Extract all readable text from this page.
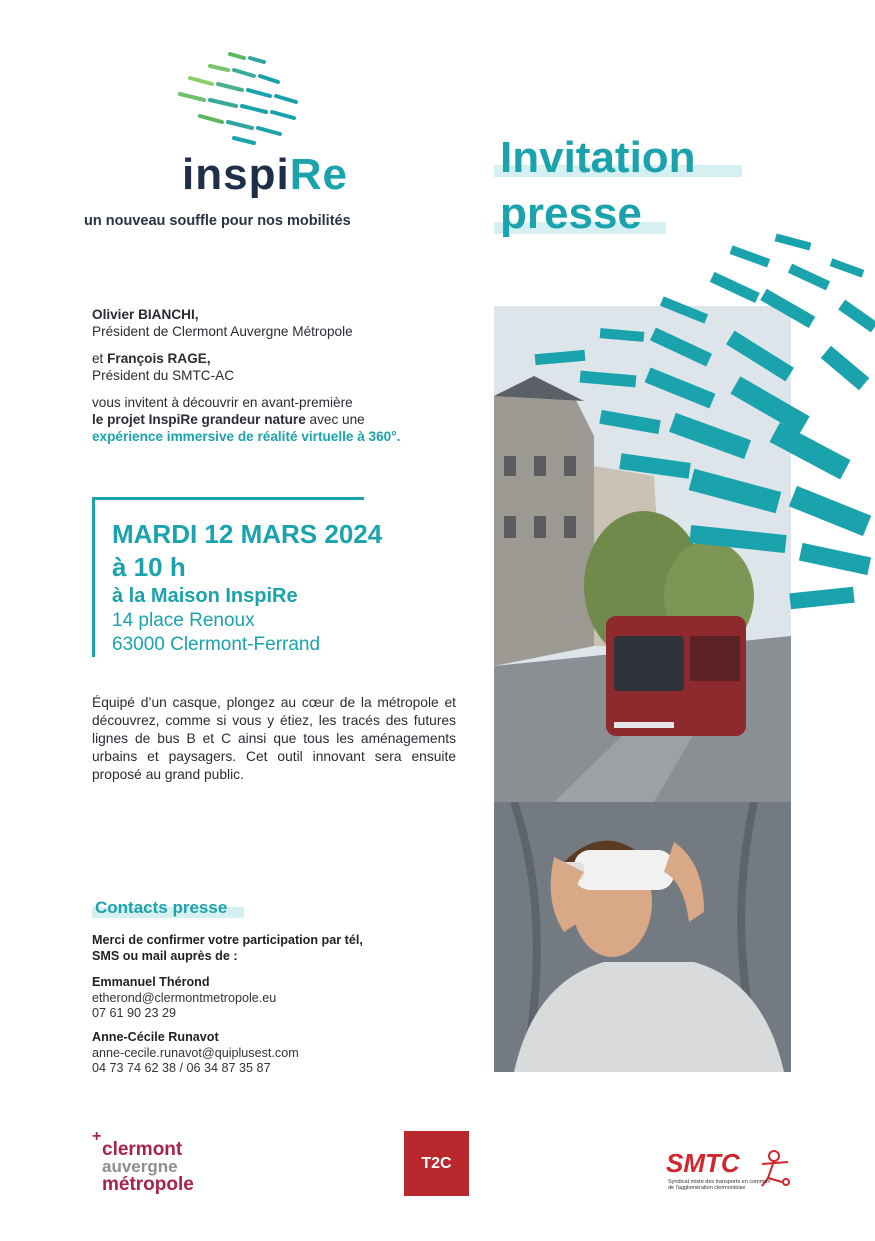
inspiRe
un nouveau souffle pour nos mobilités
Invitation
presse

Olivier BIANCHI,
Président de Clermont Auvergne Métropole

et François RAGE,
Président du SMTC-AC

vous invitent à découvrir en avant-première
le projet InspiRe grandeur nature avec une
expérience immersive de réalité virtuelle à 360°.

MARDI 12 MARS 2024
à 10 h
à la Maison InspiRe
14 place Renoux
63000 Clermont-Ferrand
Équipé d’un casque, plongez au cœur de la métropole et découvrez, comme si vous y étiez, les tracés des futures lignes de bus B et C ainsi que tous les aménagements urbains et paysagers. Cet outil innovant sera ensuite proposé au grand public.
Contacts presse
Merci de confirmer votre participation par tél,
SMS ou mail auprès de :
Emmanuel Thérond
etherond@clermontmetropole.eu
07 61 90 23 29
Anne-Cécile Runavot
anne-cecile.runavot@quiplusest.com
04 73 74 62 38 / 06 34 87 35 87
+
clermont
auvergne
métropole
T2C	SMTC
Syndicat mixte des transports en commun de l'agglomération clermontoise
